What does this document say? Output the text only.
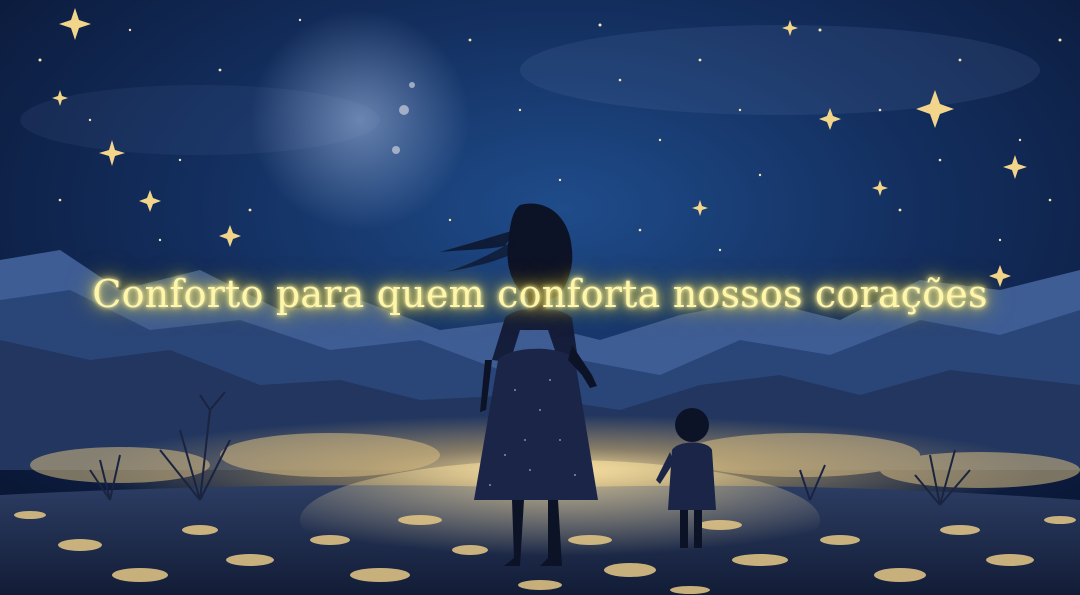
Conforto para quem conforta nossos corações
